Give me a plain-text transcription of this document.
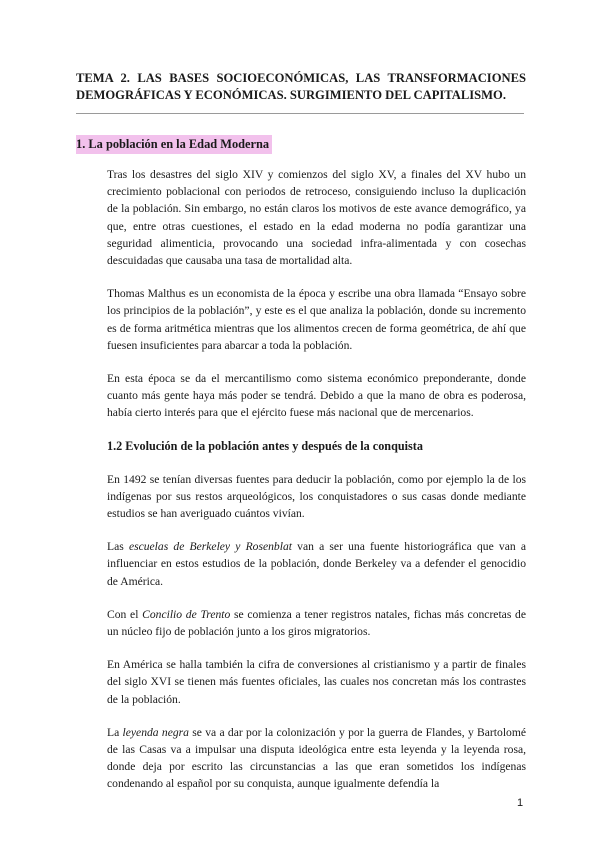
TEMA 2. LAS BASES SOCIOECONÓMICAS, LAS TRANSFORMACIONES DEMOGRÁFICAS Y ECONÓMICAS. SURGIMIENTO DEL CAPITALISMO.
1. La población en la Edad Moderna

Tras los desastres del siglo XIV y comienzos del siglo XV, a finales del XV hubo un crecimiento poblacional con periodos de retroceso, consiguiendo incluso la duplicación de la población. Sin embargo, no están claros los motivos de este avance demográfico, ya que, entre otras cuestiones, el estado en la edad moderna no podía garantizar una seguridad alimenticia, provocando una sociedad infra-alimentada y con cosechas descuidadas que causaba una tasa de mortalidad alta.

Thomas Malthus es un economista de la época y escribe una obra llamada “Ensayo sobre los principios de la población”, y este es el que analiza la población, donde su incremento es de forma aritmética mientras que los alimentos crecen de forma geométrica, de ahí que fuesen insuficientes para abarcar a toda la población.

En esta época se da el mercantilismo como sistema económico preponderante, donde cuanto más gente haya más poder se tendrá. Debido a que la mano de obra es poderosa, había cierto interés para que el ejército fuese más nacional que de mercenarios.

1.2 Evolución de la población antes y después de la conquista

En 1492 se tenían diversas fuentes para deducir la población, como por ejemplo la de los indígenas por sus restos arqueológicos, los conquistadores o sus casas donde mediante estudios se han averiguado cuántos vivían.

Las escuelas de Berkeley y Rosenblat van a ser una fuente historiográfica que van a influenciar en estos estudios de la población, donde Berkeley va a defender el genocidio de América.

Con el Concilio de Trento se comienza a tener registros natales, fichas más concretas de un núcleo fijo de población junto a los giros migratorios.

En América se halla también la cifra de conversiones al cristianismo y a partir de finales del siglo XVI se tienen más fuentes oficiales, las cuales nos concretan más los contrastes de la población.

La leyenda negra se va a dar por la colonización y por la guerra de Flandes, y Bartolomé de las Casas va a impulsar una disputa ideológica entre esta leyenda y la leyenda rosa, donde deja por escrito las circunstancias a las que eran sometidos los indígenas condenando al español por su conquista, aunque igualmente defendía la

1
